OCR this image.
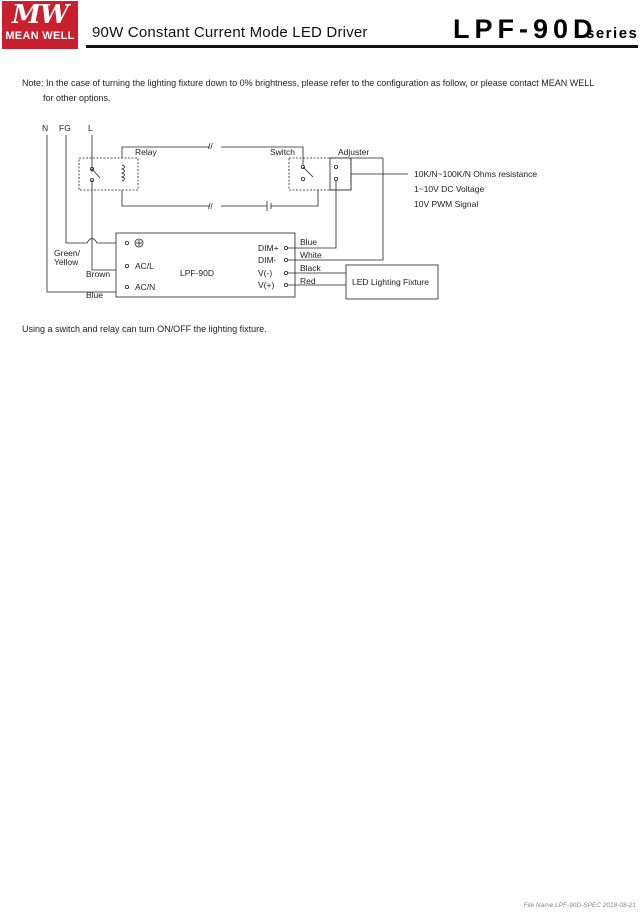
MW
MEAN WELL 90W Constant Current Mode LED Driver	LPF-90D
series
Note: In the case of turning the lighting fixture down to 0% brightness, please refer to the configuration as follow, or please contact MEAN WELL
for other options.
N FG L
Relay
//
//
Switch	Adjuster
10K/N~100K/N Ohms resistance
1~10V DC Voltage
10V PWM Signal
Green/
Yellow
Brown
Blue
AC/L
AC/N
LPF-90D
DIM+
DIM-
V(-)
V(+)
Blue
White
Black
Red	LED Lighting Fixture
Using a switch and relay can turn ON/OFF the lighting fixture.
File Name:LPF-90D-SPEC 2018-08-21
